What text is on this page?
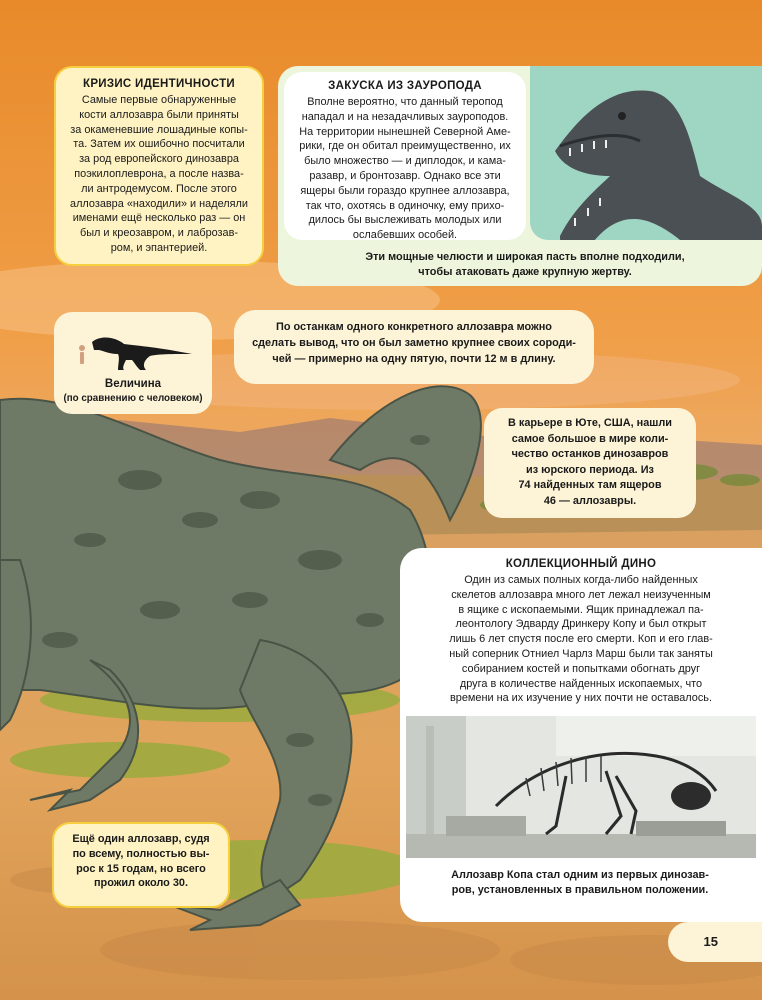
КРИЗИС ИДЕНТИЧНОСТИ

Самые первые обнаруженные
кости аллозавра были приняты
за окаменевшие лошадиные копы-
та. Затем их ошибочно посчитали
за род европейского динозавра
поэкилоплеврона, а после назва-
ли антродемусом. После этого
аллозавра «находили» и наделяли
именами ещё несколько раз — он
был и креозавром, и лаброзав-
ром, и эпантерией.

ЗАКУСКА ИЗ ЗАУРОПОДА

Вполне вероятно, что данный теропод
нападал и на незадачливых зауроподов.
На территории нынешней Северной Аме-
рики, где он обитал преимущественно, их
было множество — и диплодок, и кама-
разавр, и бронтозавр. Однако все эти
ящеры были гораздо крупнее аллозавра,
так что, охотясь в одиночку, ему прихо-
дилось бы выслеживать молодых или
ослабевших особей.

Эти мощные челюсти и широкая пасть вполне подходили,
чтобы атаковать даже крупную жертву.

Величина

(по сравнению с человеком)

По останкам одного конкретного аллозавра можно
сделать вывод, что он был заметно крупнее своих сороди-
чей — примерно на одну пятую, почти 12 м в длину.

В карьере в Юте, США, нашли
самое большое в мире коли-
чество останков динозавров
из юрского периода. Из
74 найденных там ящеров
46 — аллозавры.

КОЛЛЕКЦИОННЫЙ ДИНО

Один из самых полных когда-либо найденных
скелетов аллозавра много лет лежал неизученным
в ящике с ископаемыми. Ящик принадлежал па-
леонтологу Эдварду Дринкеру Копу и был открыт
лишь 6 лет спустя после его смерти. Коп и его глав-
ный соперник Отниел Чарлз Марш были так заняты
собиранием костей и попытками обогнать друг
друга в количестве найденных ископаемых, что
времени на их изучение у них почти не оставалось.

Аллозавр Копа стал одним из первых динозав-
ров, установленных в правильном положении.

Ещё один аллозавр, судя
по всему, полностью вы-
рос к 15 годам, но всего
прожил около 30.

15
